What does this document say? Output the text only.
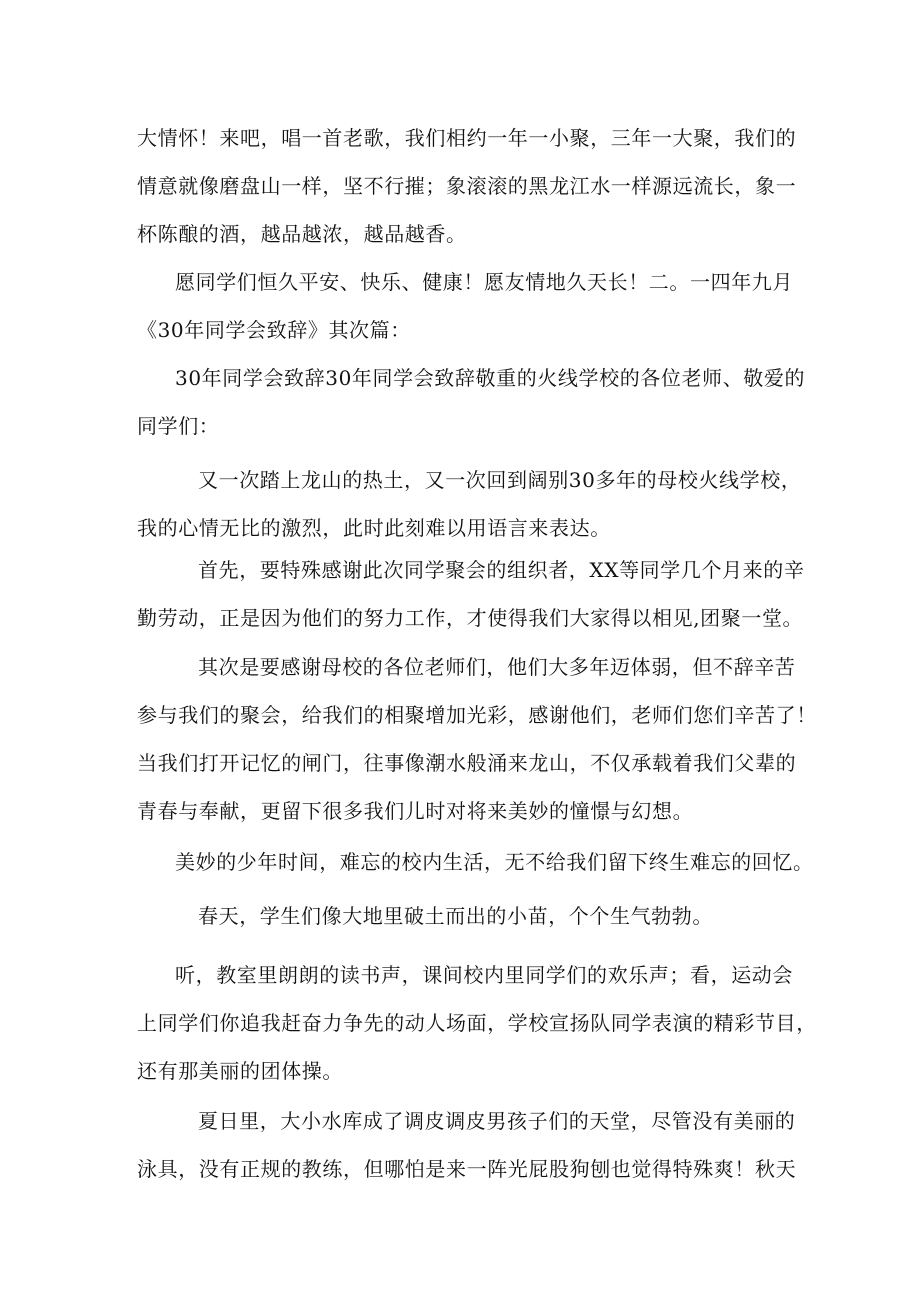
大情怀！来吧，唱一首老歌，我们相约一年一小聚，三年一大聚，我们的
情意就像磨盘山一样，坚不行摧；象滚滚的黑龙江水一样源远流长，象一
杯陈酿的酒，越品越浓，越品越香。
愿同学们恒久平安、快乐、健康！愿友情地久天长！二。一四年九月
《30年同学会致辞》其次篇：
30年同学会致辞30年同学会致辞敬重的火线学校的各位老师、敬爱的
同学们：
又一次踏上龙山的热土，又一次回到阔别30多年的母校火线学校，
我的心情无比的激烈，此时此刻难以用语言来表达。
首先，要特殊感谢此次同学聚会的组织者，XX等同学几个月来的辛
勤劳动，正是因为他们的努力工作，才使得我们大家得以相见,团聚一堂。
其次是要感谢母校的各位老师们，他们大多年迈体弱，但不辞辛苦
参与我们的聚会，给我们的相聚增加光彩，感谢他们，老师们您们辛苦了！
当我们打开记忆的闸门，往事像潮水般涌来龙山，不仅承载着我们父辈的
青春与奉献，更留下很多我们儿时对将来美妙的憧憬与幻想。
美妙的少年时间，难忘的校内生活，无不给我们留下终生难忘的回忆。
春天，学生们像大地里破土而出的小苗，个个生气勃勃。
听，教室里朗朗的读书声，课间校内里同学们的欢乐声；看，运动会
上同学们你追我赶奋力争先的动人场面，学校宣扬队同学表演的精彩节目，
还有那美丽的团体操。
夏日里，大小水库成了调皮调皮男孩子们的天堂，尽管没有美丽的
泳具，没有正规的教练，但哪怕是来一阵光屁股狗刨也觉得特殊爽！秋天
